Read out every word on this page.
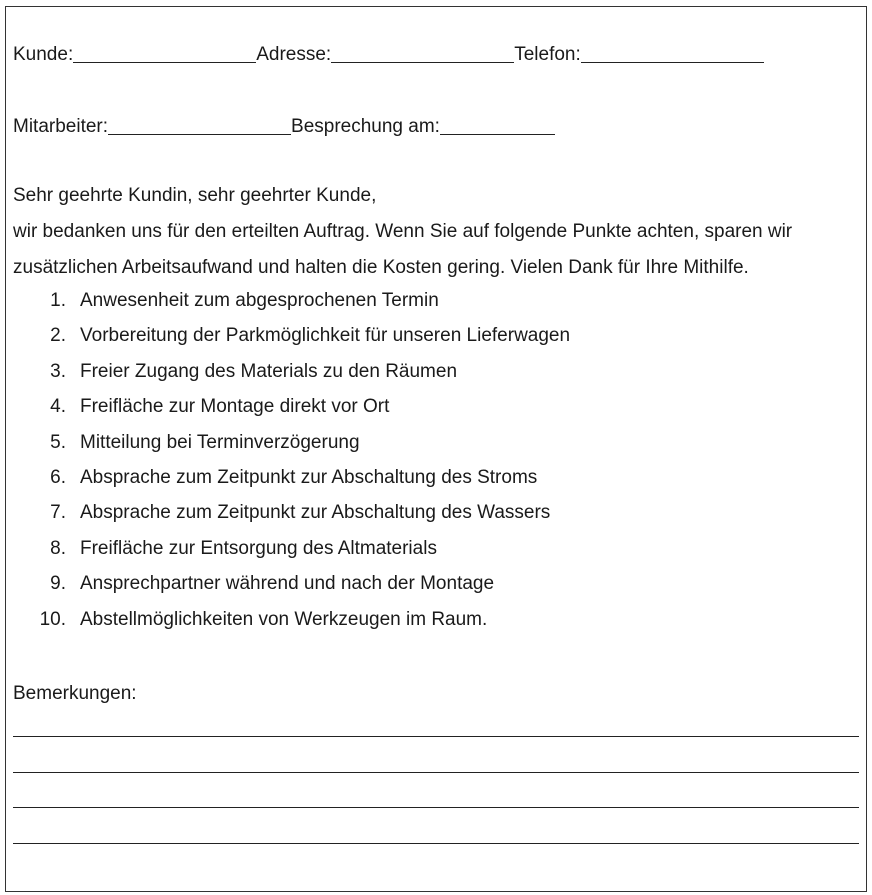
Kunde:	Adresse:	Telefon:
Mitarbeiter:	Besprechung am:
Sehr geehrte Kundin, sehr geehrter Kunde,
wir bedanken uns für den erteilten Auftrag. Wenn Sie auf folgende Punkte achten, sparen wir
zusätzlichen Arbeitsaufwand und halten die Kosten gering. Vielen Dank für Ihre Mithilfe.
1. Anwesenheit zum abgesprochenen Termin
2. Vorbereitung der Parkmöglichkeit für unseren Lieferwagen
3. Freier Zugang des Materials zu den Räumen
4. Freifläche zur Montage direkt vor Ort
5. Mitteilung bei Terminverzögerung
6. Absprache zum Zeitpunkt zur Abschaltung des Stroms
7. Absprache zum Zeitpunkt zur Abschaltung des Wassers
8. Freifläche zur Entsorgung des Altmaterials
9. Ansprechpartner während und nach der Montage
10. Abstellmöglichkeiten von Werkzeugen im Raum.
Bemerkungen:
